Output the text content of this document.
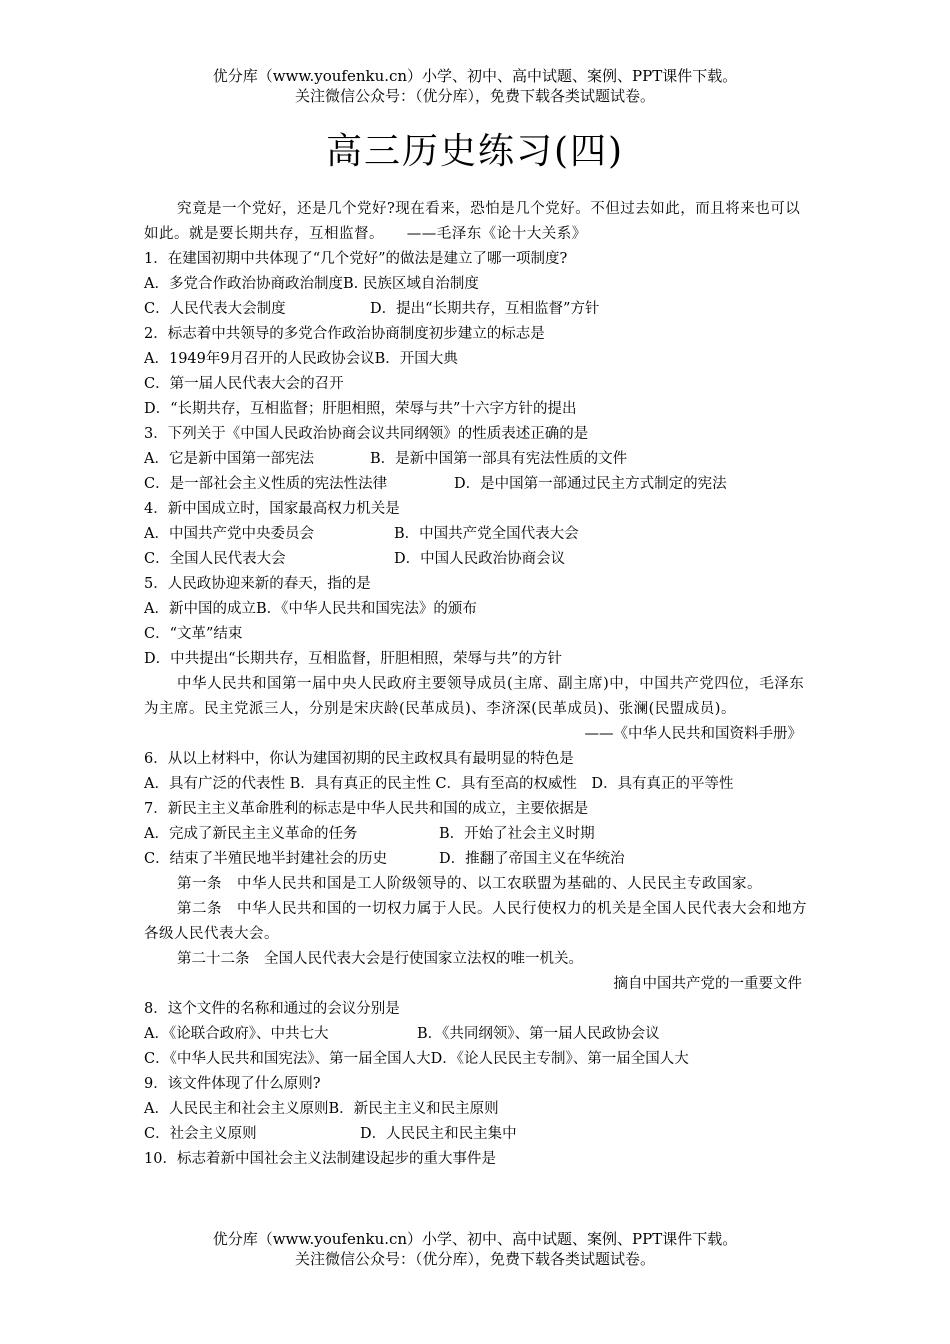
优分库（www.youfenku.cn）小学、初中、高中试题、案例、PPT课件下载。
关注微信公众号：（优分库），免费下载各类试题试卷。
高三历史练习(四)
究竟是一个党好，还是几个党好?现在看来，恐怕是几个党好。不但过去如此，而且将来也可以如此。就是要长期共存，互相监督。　　——毛泽东《论十大关系》
1．在建国初期中共体现了“几个党好”的做法是建立了哪一项制度?
A．多党合作政治协商政治制度B. 民族区域自治制度
C．人民代表大会制度	D．提出“长期共存，互相监督”方针
2．标志着中共领导的多党合作政治协商制度初步建立的标志是
A．1949年9月召开的人民政协会议B．开国大典
C．第一届人民代表大会的召开
D．“长期共存，互相监督；肝胆相照，荣辱与共”十六字方针的提出
3．下列关于《中国人民政治协商会议共同纲领》的性质表述正确的是
A．它是新中国第一部宪法	B．是新中国第一部具有宪法性质的文件
C．是一部社会主义性质的宪法性法律	D．是中国第一部通过民主方式制定的宪法
4．新中国成立时，国家最高权力机关是
A．中国共产党中央委员会	B．中国共产党全国代表大会
C．全国人民代表大会	D．中国人民政治协商会议
5．人民政协迎来新的春天，指的是
A．新中国的成立B．《中华人民共和国宪法》的颁布
C．“文革”结束
D．中共提出“长期共存，互相监督，肝胆相照，荣辱与共”的方针
中华人民共和国第一届中央人民政府主要领导成员(主席、副主席)中，中国共产党四位，毛泽东为主席。民主党派三人，分别是宋庆龄(民革成员)、李济深(民革成员)、张澜(民盟成员)。
——《中华人民共和国资料手册》
6．从以上材料中，你认为建国初期的民主政权具有最明显的特色是
A．具有广泛的代表性 B．具有真正的民主性 C．具有至高的权威性　D．具有真正的平等性
7．新民主主义革命胜利的标志是中华人民共和国的成立，主要依据是
A．完成了新民主主义革命的任务	B．开始了社会主义时期
C．结束了半殖民地半封建社会的历史	D．推翻了帝国主义在华统治
第一条　中华人民共和国是工人阶级领导的、以工农联盟为基础的、人民民主专政国家。
第二条　中华人民共和国的一切权力属于人民。人民行使权力的机关是全国人民代表大会和地方各级人民代表大会。
第二十二条　全国人民代表大会是行使国家立法权的唯一机关。
摘自中国共产党的一重要文件
8．这个文件的名称和通过的会议分别是
A．《论联合政府》、中共七大	B．《共同纲领》、第一届人民政协会议
C．《中华人民共和国宪法》、第一届全国人大D．《论人民民主专制》、第一届全国人大
9．该文件体现了什么原则?
A．人民民主和社会主义原则B．新民主主义和民主原则
C．社会主义原则	D．人民民主和民主集中
10．标志着新中国社会主义法制建设起步的重大事件是
优分库（www.youfenku.cn）小学、初中、高中试题、案例、PPT课件下载。
关注微信公众号：（优分库），免费下载各类试题试卷。
